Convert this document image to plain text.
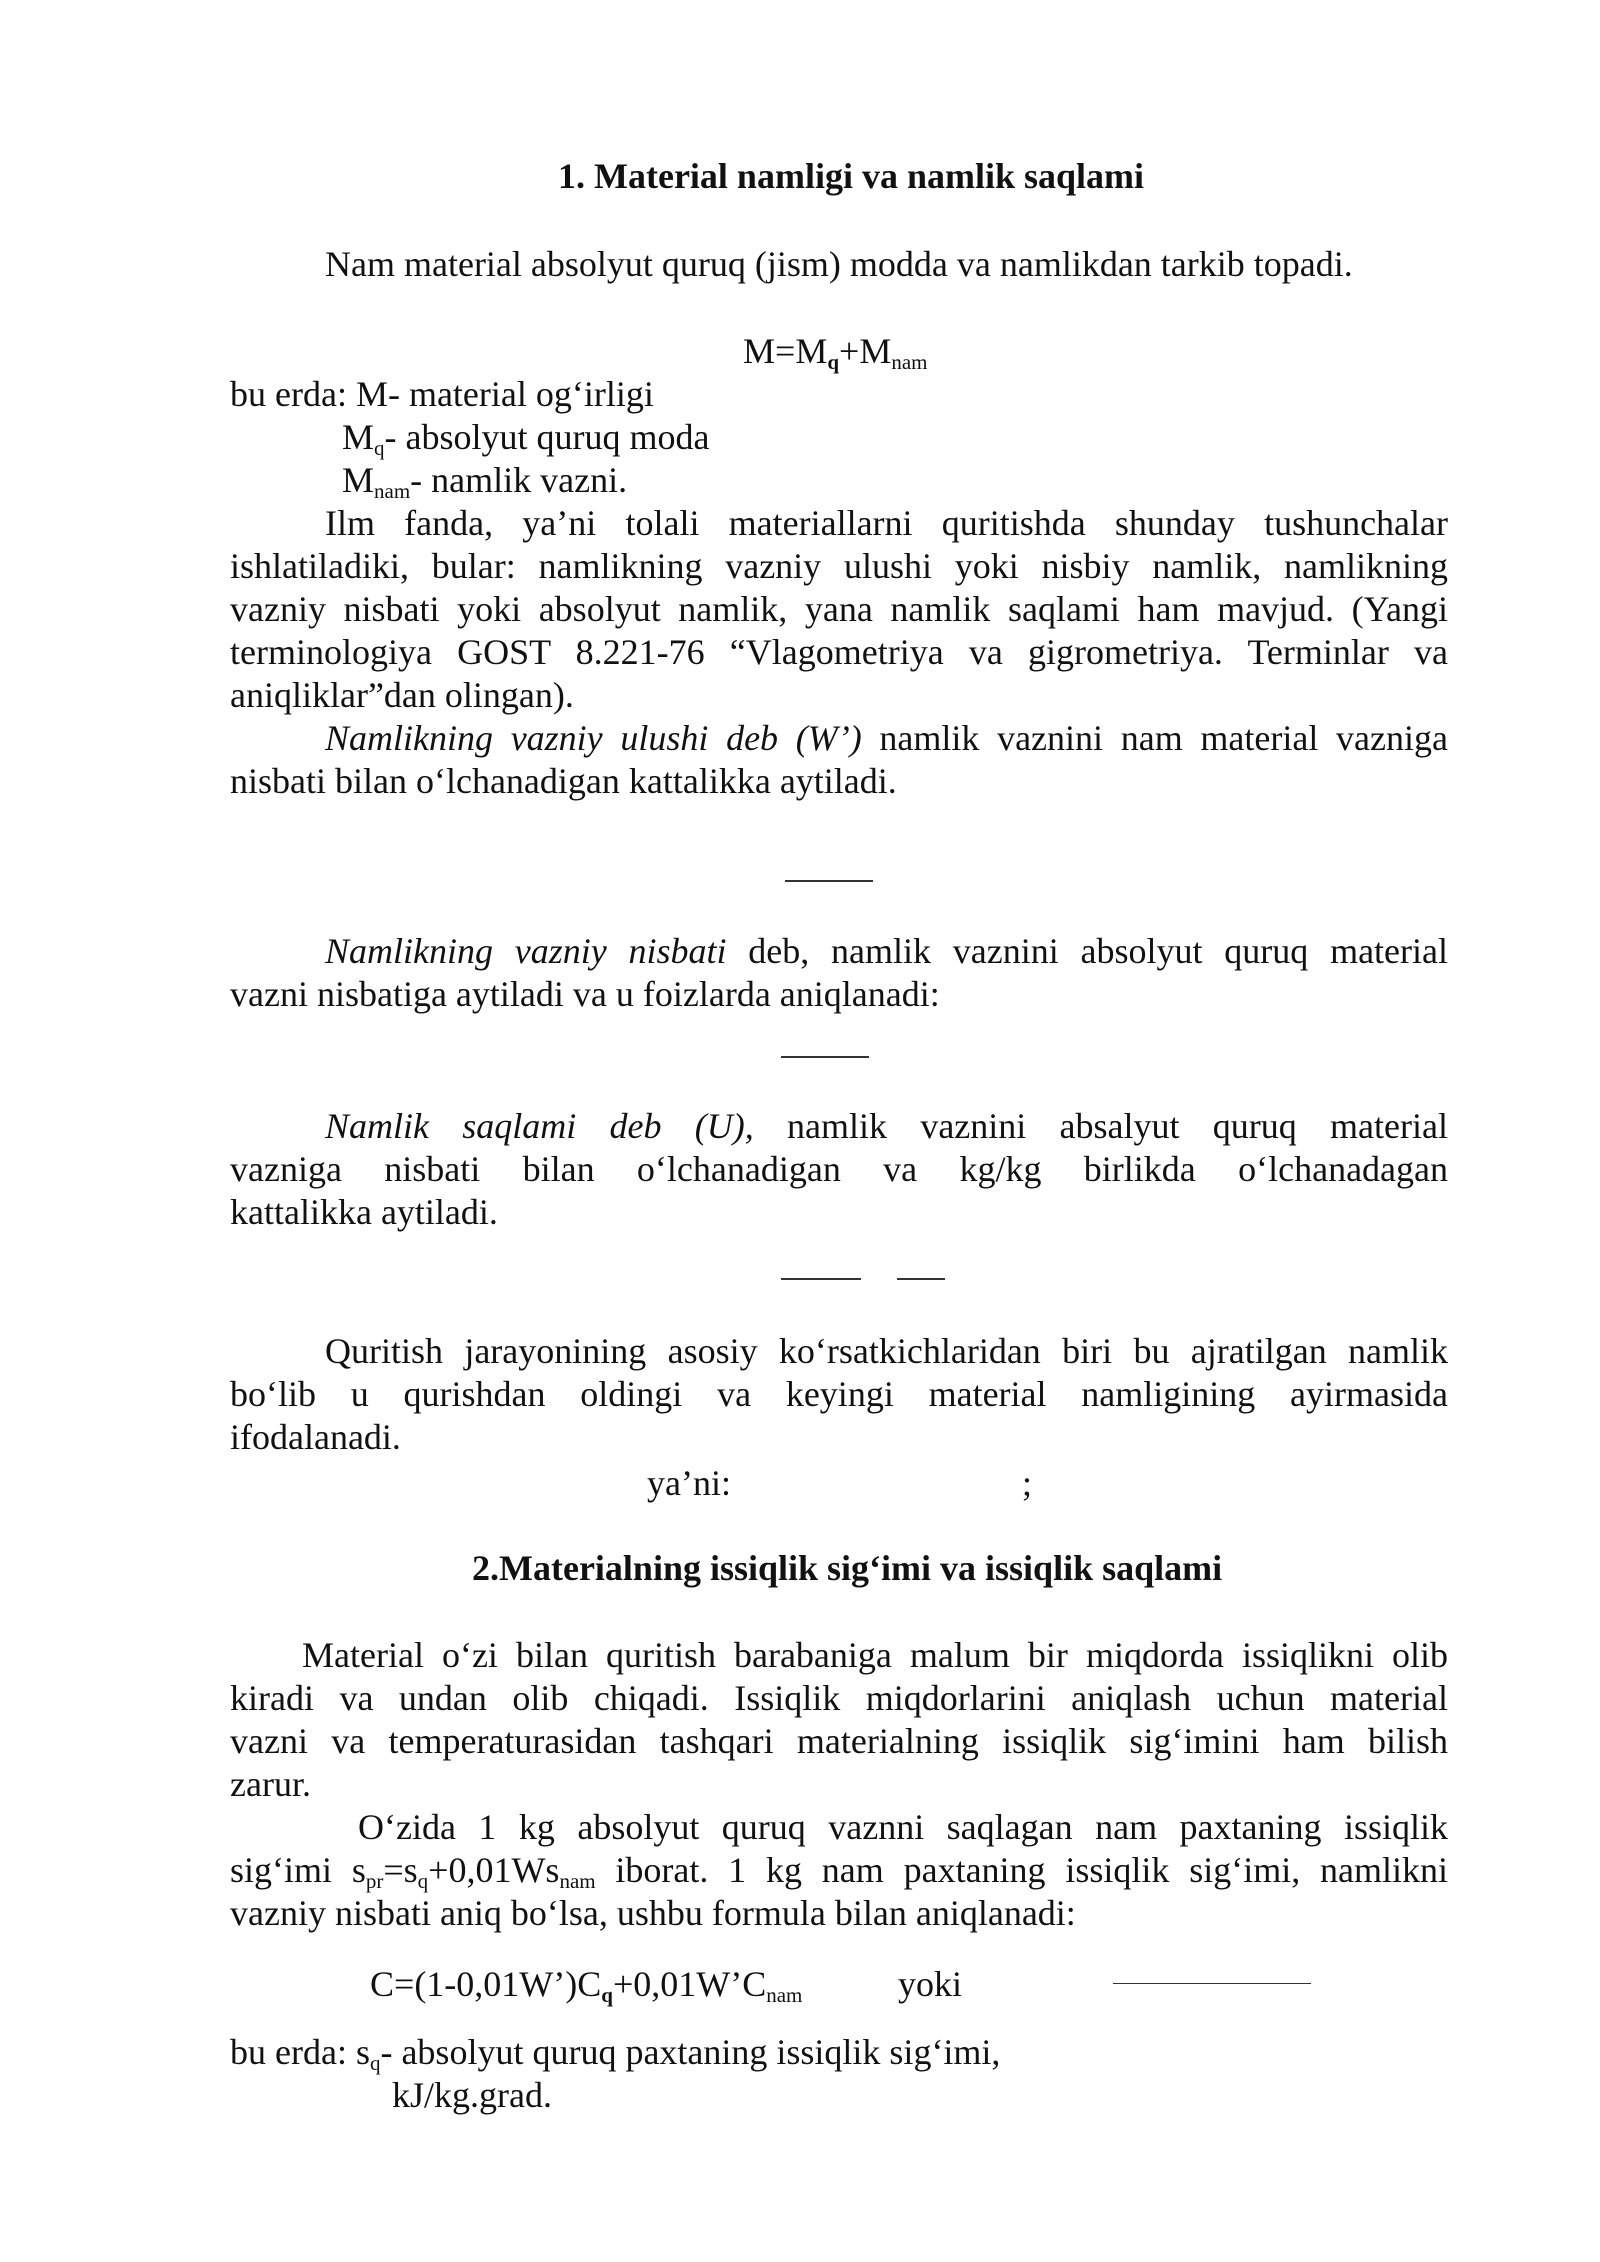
1. Material namligi va namlik saqlami
Nam material absolyut quruq (jism) modda va namlikdan tarkib topadi.
$M=M_q+M_{nam}$
bu erda: M- material og‘irligi
$M_q-$ absolyut quruq moda
$M_{nam}-$ namlik vazni.
Ilm fanda, ya’ni tolali materiallarni quritishda shunday tushunchalar
ishlatiladiki, bular: namlikning vazniy ulushi yoki nisbiy namlik, namlikning
vazniy nisbati yoki absolyut namlik, yana namlik saqlami ham mavjud. (Yangi
terminologiya GOST 8.221-76 “Vlagometriya va gigrometriya. Terminlar va
aniqliklar”dan olingan).
Namlikning vazniy ulushi deb (W’) namlik vaznini nam material vazniga
nisbati bilan o‘lchanadigan kattalikka aytiladi.
Namlikning vazniy nisbati deb, namlik vaznini absolyut quruq material
vazni nisbatiga aytiladi va u foizlarda aniqlanadi:
Namlik saqlami deb (U), namlik vaznini absalyut quruq material
vazniga nisbati bilan o‘lchanadigan va kg/kg birlikda o‘lchanadagan
kattalikka aytiladi.
Quritish jarayonining asosiy ko‘rsatkichlaridan biri bu ajratilgan namlik
bo‘lib u qurishdan oldingi va keyingi material namligining ayirmasida
ifodalanadi.
ya’ni:	;
2.Materialning issiqlik sig‘imi va issiqlik saqlami
Material o‘zi bilan quritish barabaniga malum bir miqdorda issiqlikni olib
kiradi va undan olib chiqadi. Issiqlik miqdorlarini aniqlash uchun material
vazni va temperaturasidan tashqari materialning issiqlik sig‘imini ham bilish
zarur.
O‘zida 1 kg absolyut quruq vaznni saqlagan nam paxtaning issiqlik
sig‘imi $s_{pr}=s_q+0,01Ws_{nam}$ iborat. 1 kg nam paxtaning issiqlik sig‘imi, namlikni
vazniy nisbati aniq bo‘lsa, ushbu formula bilan aniqlanadi:
$C=(1-0,01W’)C_q+0,01W’C_{nam}$	yoki
bu erda: $s_q-$ absolyut quruq paxtaning issiqlik sig‘imi,
kJ/kg.grad.
